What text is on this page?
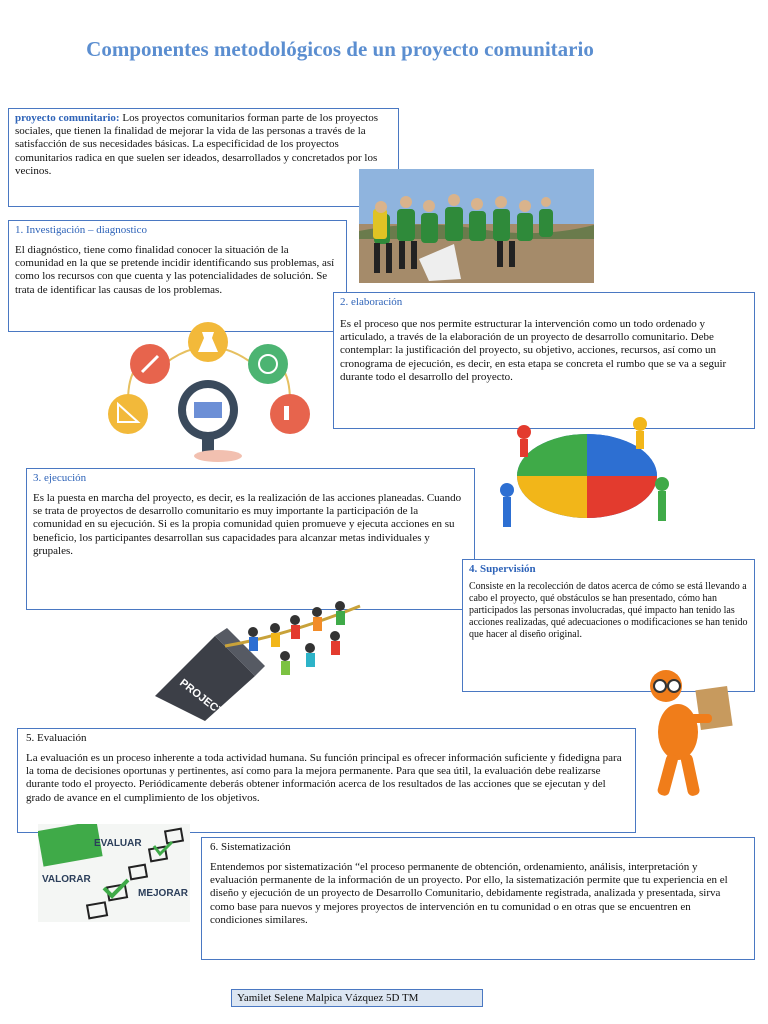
Componentes metodológicos de un proyecto comunitario

proyecto comunitario: Los proyectos comunitarios forman parte de los proyectos sociales, que tienen la finalidad de mejorar la vida de las personas a través de la satisfacción de sus necesidades básicas. La especificidad de los proyectos comunitarios radica en que suelen ser ideados, desarrollados y concretados por los vecinos.

1. Investigación – diagnostico

El diagnóstico, tiene como finalidad conocer la situación de la comunidad en la que se pretende incidir identificando sus problemas, así como los recursos con que cuenta y las potencialidades de solución. Se trata de identificar las causas de los problemas.

2. elaboración

Es el proceso que nos permite estructurar la intervención como un todo ordenado y articulado, a través de la elaboración de un proyecto de desarrollo comunitario. Debe contemplar: la justificación del proyecto, su objetivo, acciones, recursos, así como un cronograma de ejecución, es decir, en esta etapa se concreta el rumbo que se va a seguir durante todo el desarrollo del proyecto.

3. ejecución

Es la puesta en marcha del proyecto, es decir, es la realización de las acciones planeadas. Cuando se trata de proyectos de desarrollo comunitario es muy importante la participación de la comunidad en su ejecución. Si es la propia comunidad quien promueve y ejecuta acciones en su beneficio, los participantes desarrollan sus capacidades para alcanzar metas individuales y grupales.

4. Supervisión

Consiste en la recolección de datos acerca de cómo se está llevando a cabo el proyecto, qué obstáculos se han presentado, cómo han participados las personas involucradas, qué impacto han tenido las acciones realizadas, qué adecuaciones o modificaciones se han tenido que hacer al diseño original.

PROJECT
5. Evaluación

La evaluación es un proceso inherente a toda actividad humana. Su función principal es ofrecer información suficiente y fidedigna para la toma de decisiones oportunas y pertinentes, así como para la mejora permanente. Para que sea útil, la evaluación debe realizarse durante todo el proyecto. Periódicamente deberás obtener información acerca de los resultados de las acciones que se ejecutan y del grado de avance en el cumplimiento de los objetivos.

EVALUAR
VALORAR
MEJORAR
6. Sistematización

Entendemos por sistematización “el proceso permanente de obtención, ordenamiento, análisis, interpretación y evaluación permanente de la información de un proyecto. Por ello, la sistematización permite que tu experiencia en el diseño y ejecución de un proyecto de Desarrollo Comunitario, debidamente registrada, analizada y presentada, sirva como base para nuevos y mejores proyectos de intervención en tu comunidad o en otras que se encuentren en condiciones similares.

Yamilet Selene Malpica Vázquez 5D TM
